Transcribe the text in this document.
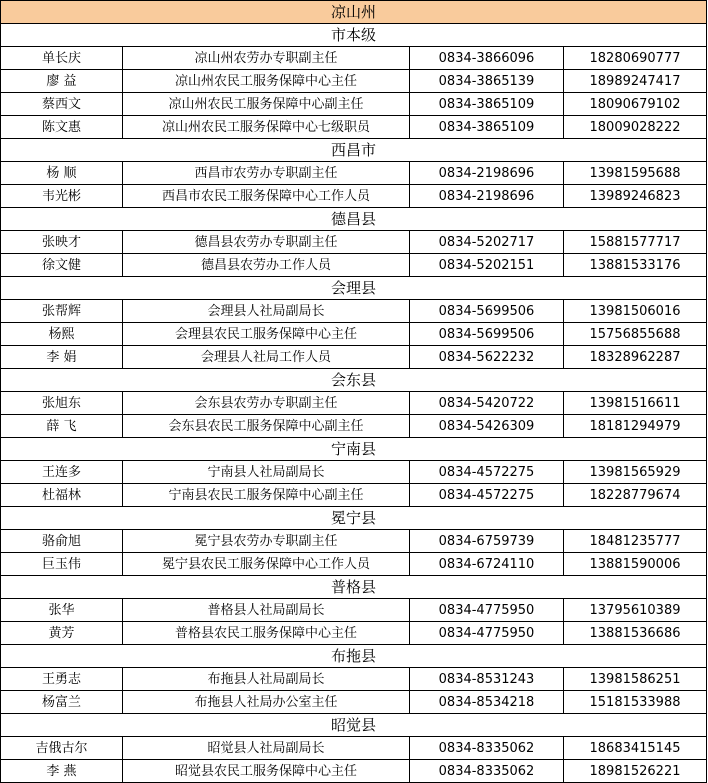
凉山州			
市本级			
单长庆	凉山州农劳办专职副主任	0834-3866096	18280690777
廖 益	凉山州农民工服务保障中心主任	0834-3865139	18989247417
蔡西文	凉山州农民工服务保障中心副主任	0834-3865109	18090679102
陈文惠	凉山州农民工服务保障中心七级职员	0834-3865109	18009028222
西昌市			
杨 顺	西昌市农劳办专职副主任	0834-2198696	13981595688
韦光彬	西昌市农民工服务保障中心工作人员	0834-2198696	13989246823
德昌县			
张映才	德昌县农劳办专职副主任	0834-5202717	15881577717
徐文健	德昌县农劳办工作人员	0834-5202151	13881533176
会理县			
张帮辉	会理县人社局副局长	0834-5699506	13981506016
杨熙	会理县农民工服务保障中心主任	0834-5699506	15756855688
李 娟	会理县人社局工作人员	0834-5622232	18328962287
会东县			
张旭东	会东县农劳办专职副主任	0834-5420722	13981516611
薛 飞	会东县农民工服务保障中心副主任	0834-5426309	18181294979
宁南县			
王连多	宁南县人社局副局长	0834-4572275	13981565929
杜福林	宁南县农民工服务保障中心副主任	0834-4572275	18228779674
冕宁县			
骆俞旭	冕宁县农劳办专职副主任	0834-6759739	18481235777
巨玉伟	冕宁县农民工服务保障中心工作人员	0834-6724110	13881590006
普格县			
张华	普格县人社局副局长	0834-4775950	13795610389
黄芳	普格县农民工服务保障中心主任	0834-4775950	13881536686
布拖县			
王勇志	布拖县人社局副局长	0834-8531243	13981586251
杨富兰	布拖县人社局办公室主任	0834-8534218	15181533988
昭觉县			
吉俄古尔	昭觉县人社局副局长	0834-8335062	18683415145
李 燕	昭觉县农民工服务保障中心主任	0834-8335062	18981526221
